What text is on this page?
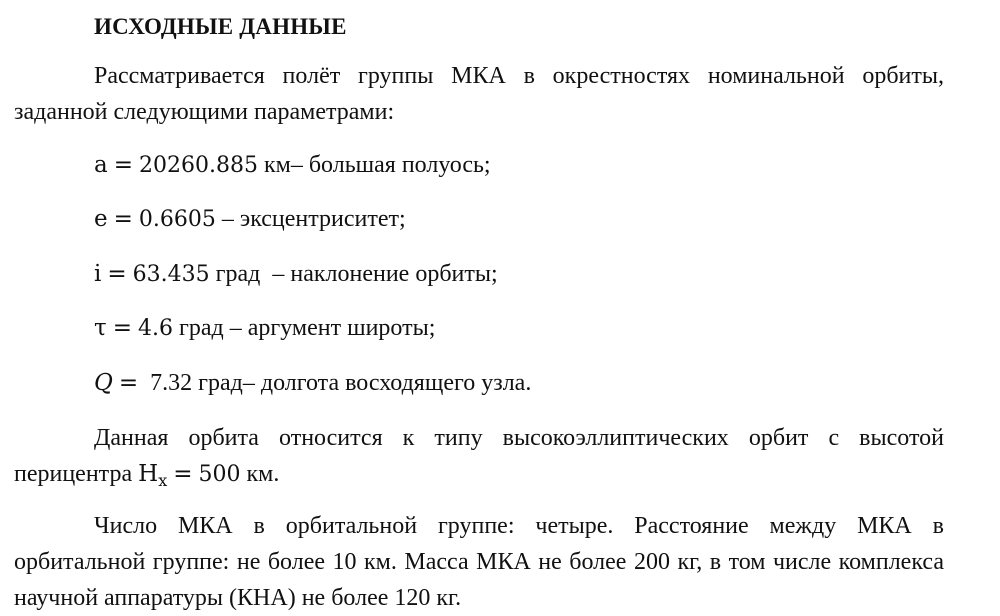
ИСХОДНЫЕ ДАННЫЕ

Рассматривается полёт группы МКА в окрестностях номинальной орбиты, заданной следующими параметрами:

a = 20260.885 км– большая полуось;

e = 0.6605 – эксцентриситет;

i = 63.435 град – наклонение орбиты;

τ = 4.6 град – аргумент широты;

Q = 7.32 град– долгота восходящего узла.

Данная орбита относится к типу высокоэллиптических орбит с высотой перицентра $H_x = 500$ км.

Число МКА в орбитальной группе: четыре. Расстояние между МКА в орбитальной группе: не более 10 км. Масса МКА не более 200 кг, в том числе комплекса научной аппаратуры (КНА) не более 120 кг.
